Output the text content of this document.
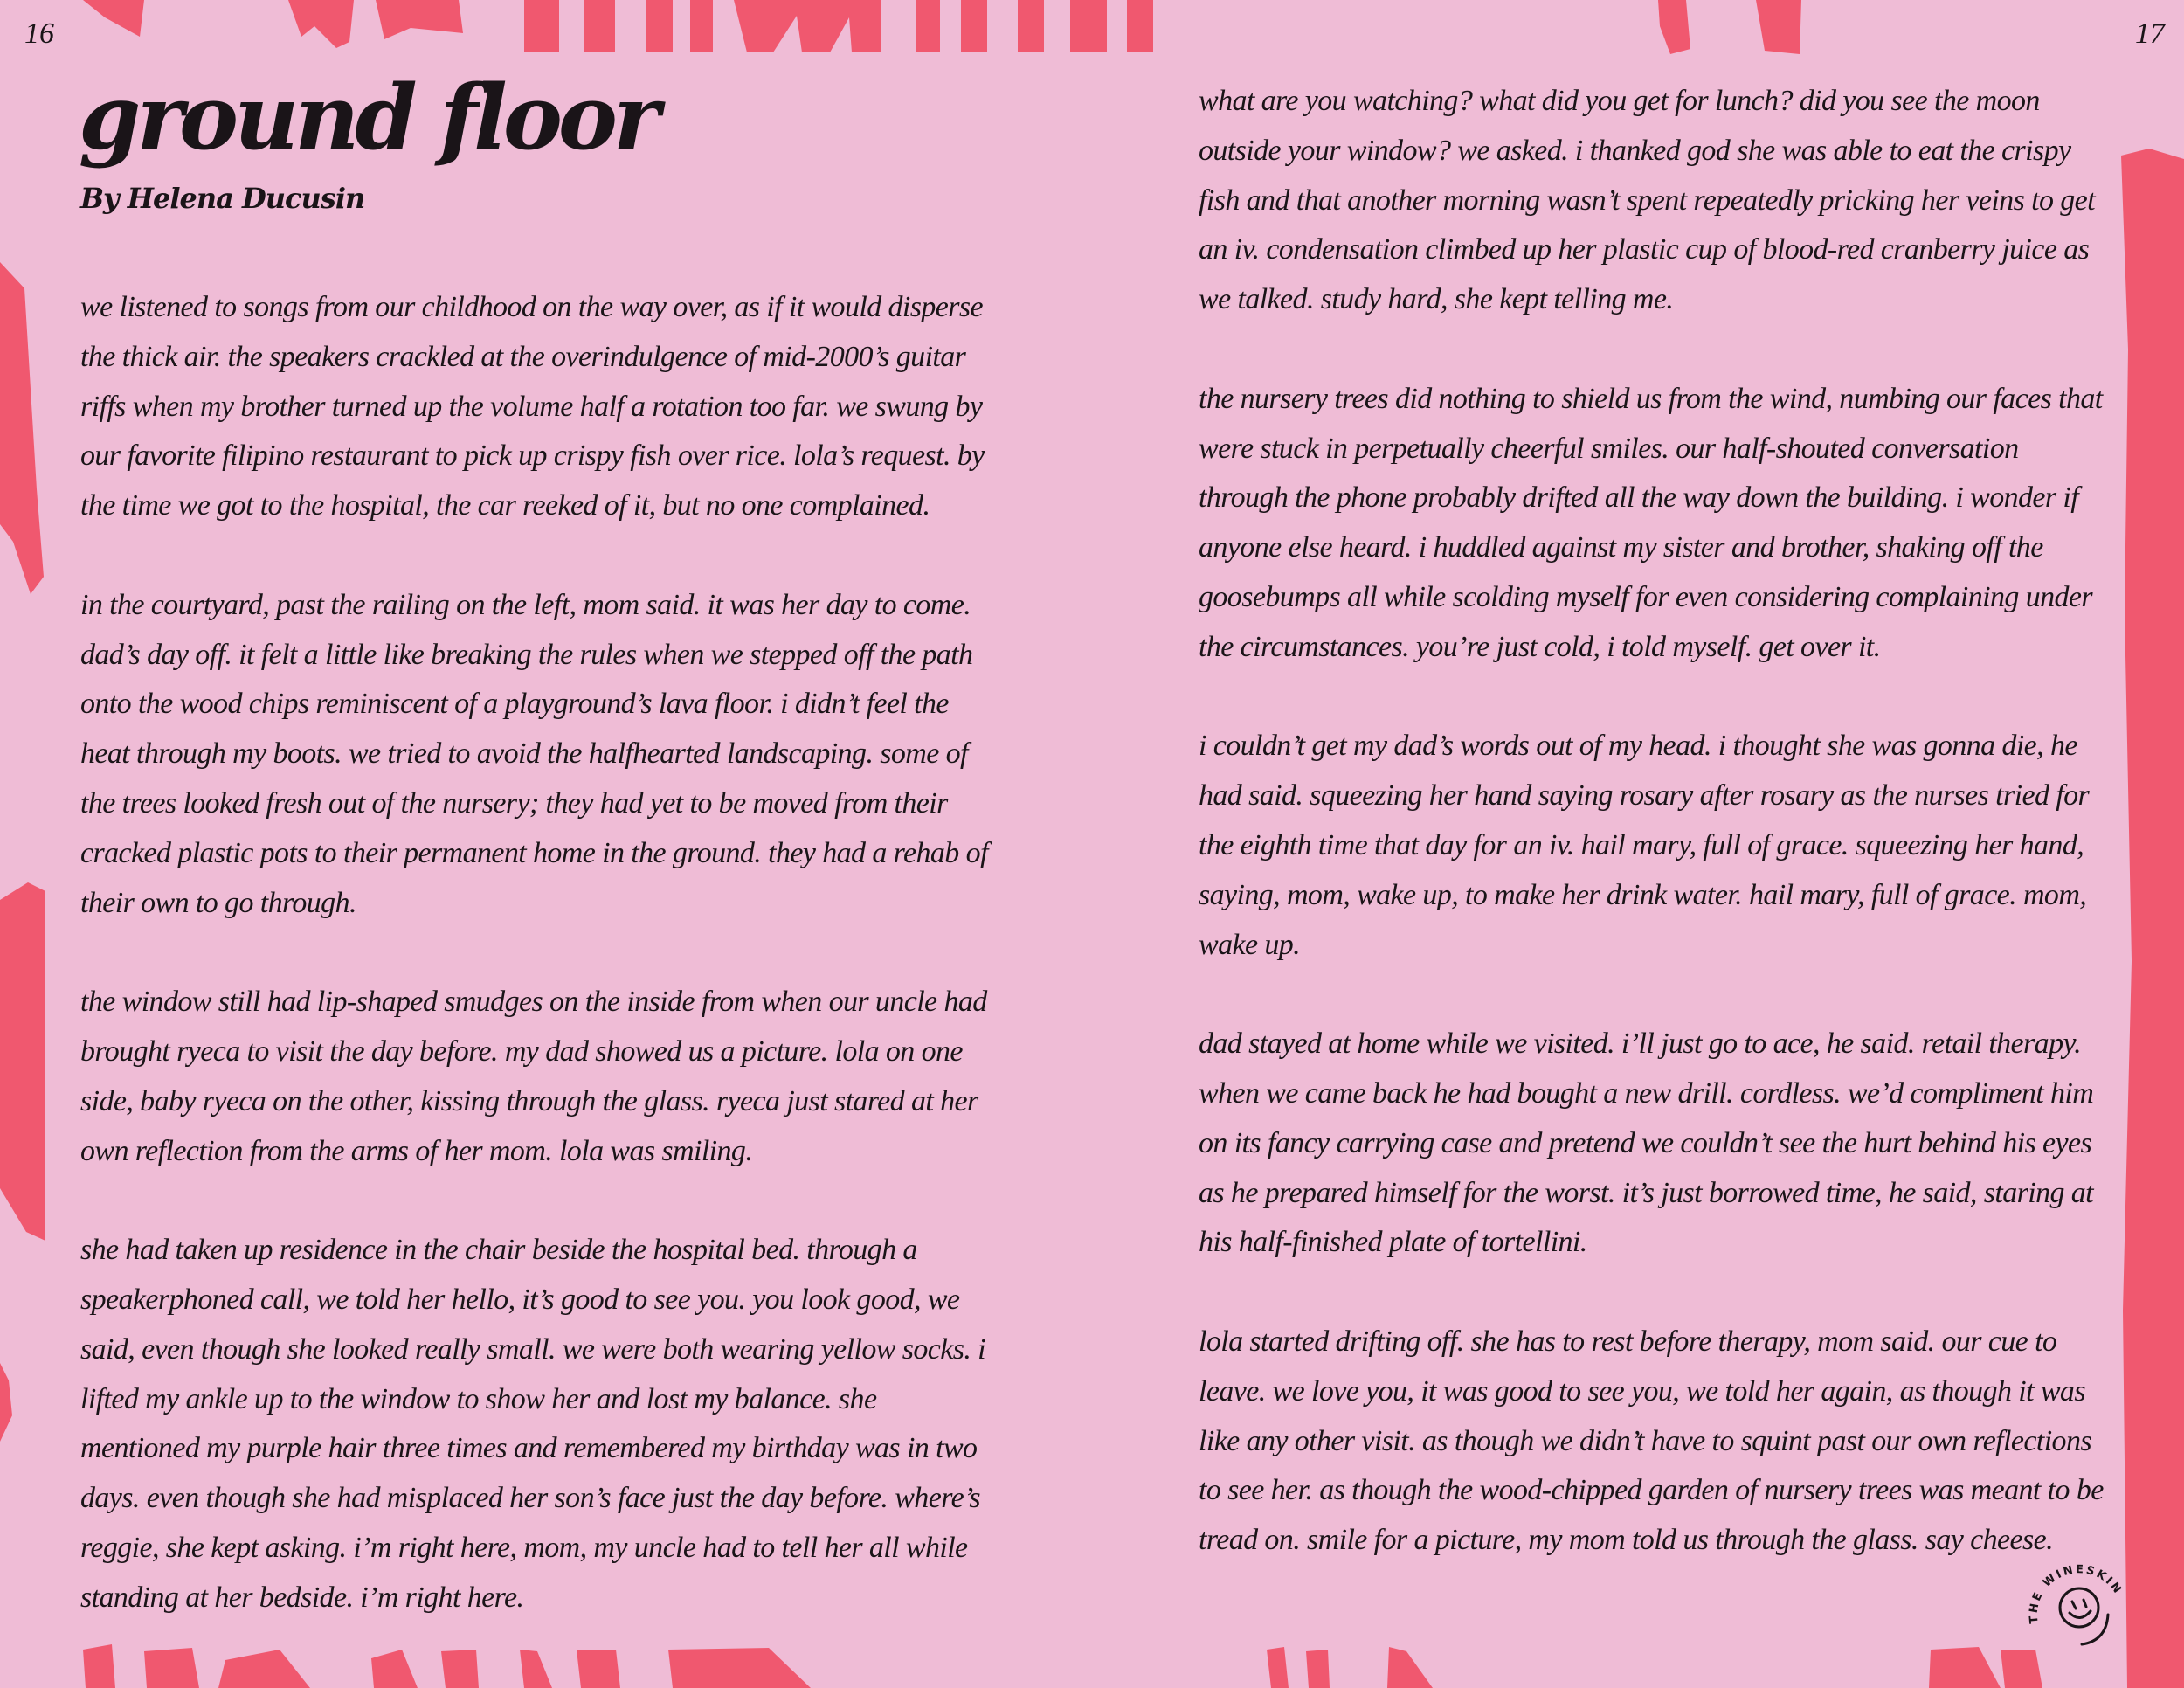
16	17
ground floor
By Helena Ducusin

we listened to songs from our childhood on the way over, as if it would disperse the thick air. the speakers crackled at the overindulgence of mid-2000’s guitar riffs when my brother turned up the volume half a rotation too far. we swung by our favorite filipino restaurant to pick up crispy fish over rice. lola’s request. by the time we got to the hospital, the car reeked of it, but no one complained.

in the courtyard, past the railing on the left, mom said. it was her day to come. dad’s day off. it felt a little like breaking the rules when we stepped off the path onto the wood chips reminiscent of a playground’s lava floor. i didn’t feel the heat through my boots. we tried to avoid the halfhearted landscaping. some of the trees looked fresh out of the nursery; they had yet to be moved from their cracked plastic pots to their permanent home in the ground. they had a rehab of their own to go through.

the window still had lip-shaped smudges on the inside from when our uncle had brought ryeca to visit the day before. my dad showed us a picture. lola on one side, baby ryeca on the other, kissing through the glass. ryeca just stared at her own reflection from the arms of her mom. lola was smiling.

she had taken up residence in the chair beside the hospital bed. through a speakerphoned call, we told her hello, it’s good to see you. you look good, we said, even though she looked really small. we were both wearing yellow socks. i lifted my ankle up to the window to show her and lost my balance. she mentioned my purple hair three times and remembered my birthday was in two days. even though she had misplaced her son’s face just the day before. where’s reggie, she kept asking. i’m right here, mom, my uncle had to tell her all while standing at her bedside. i’m right here.

what are you watching? what did you get for lunch? did you see the moon outside your window? we asked. i thanked god she was able to eat the crispy fish and that another morning wasn’t spent repeatedly pricking her veins to get an iv. condensation climbed up her plastic cup of blood-red cranberry juice as we talked. study hard, she kept telling me.

the nursery trees did nothing to shield us from the wind, numbing our faces that were stuck in perpetually cheerful smiles. our half-shouted conversation through the phone probably drifted all the way down the building. i wonder if anyone else heard. i huddled against my sister and brother, shaking off the goosebumps all while scolding myself for even considering complaining under the circumstances. you’re just cold, i told myself. get over it.

i couldn’t get my dad’s words out of my head. i thought she was gonna die, he had said. squeezing her hand saying rosary after rosary as the nurses tried for the eighth time that day for an iv. hail mary, full of grace. squeezing her hand, saying, mom, wake up, to make her drink water. hail mary, full of grace. mom, wake up.

dad stayed at home while we visited. i’ll just go to ace, he said. retail therapy. when we came back he had bought a new drill. cordless. we’d compliment him on its fancy carrying case and pretend we couldn’t see the hurt behind his eyes as he prepared himself for the worst. it’s just borrowed time, he said, staring at his half-finished plate of tortellini.

lola started drifting off. she has to rest before therapy, mom said. our cue to leave. we love you, it was good to see you, we told her again, as though it was like any other visit. as though we didn’t have to squint past our own reflections to see her. as though the wood-chipped garden of nursery trees was meant to be tread on. smile for a picture, my mom told us through the glass. say cheese.

THE WINESKIN
